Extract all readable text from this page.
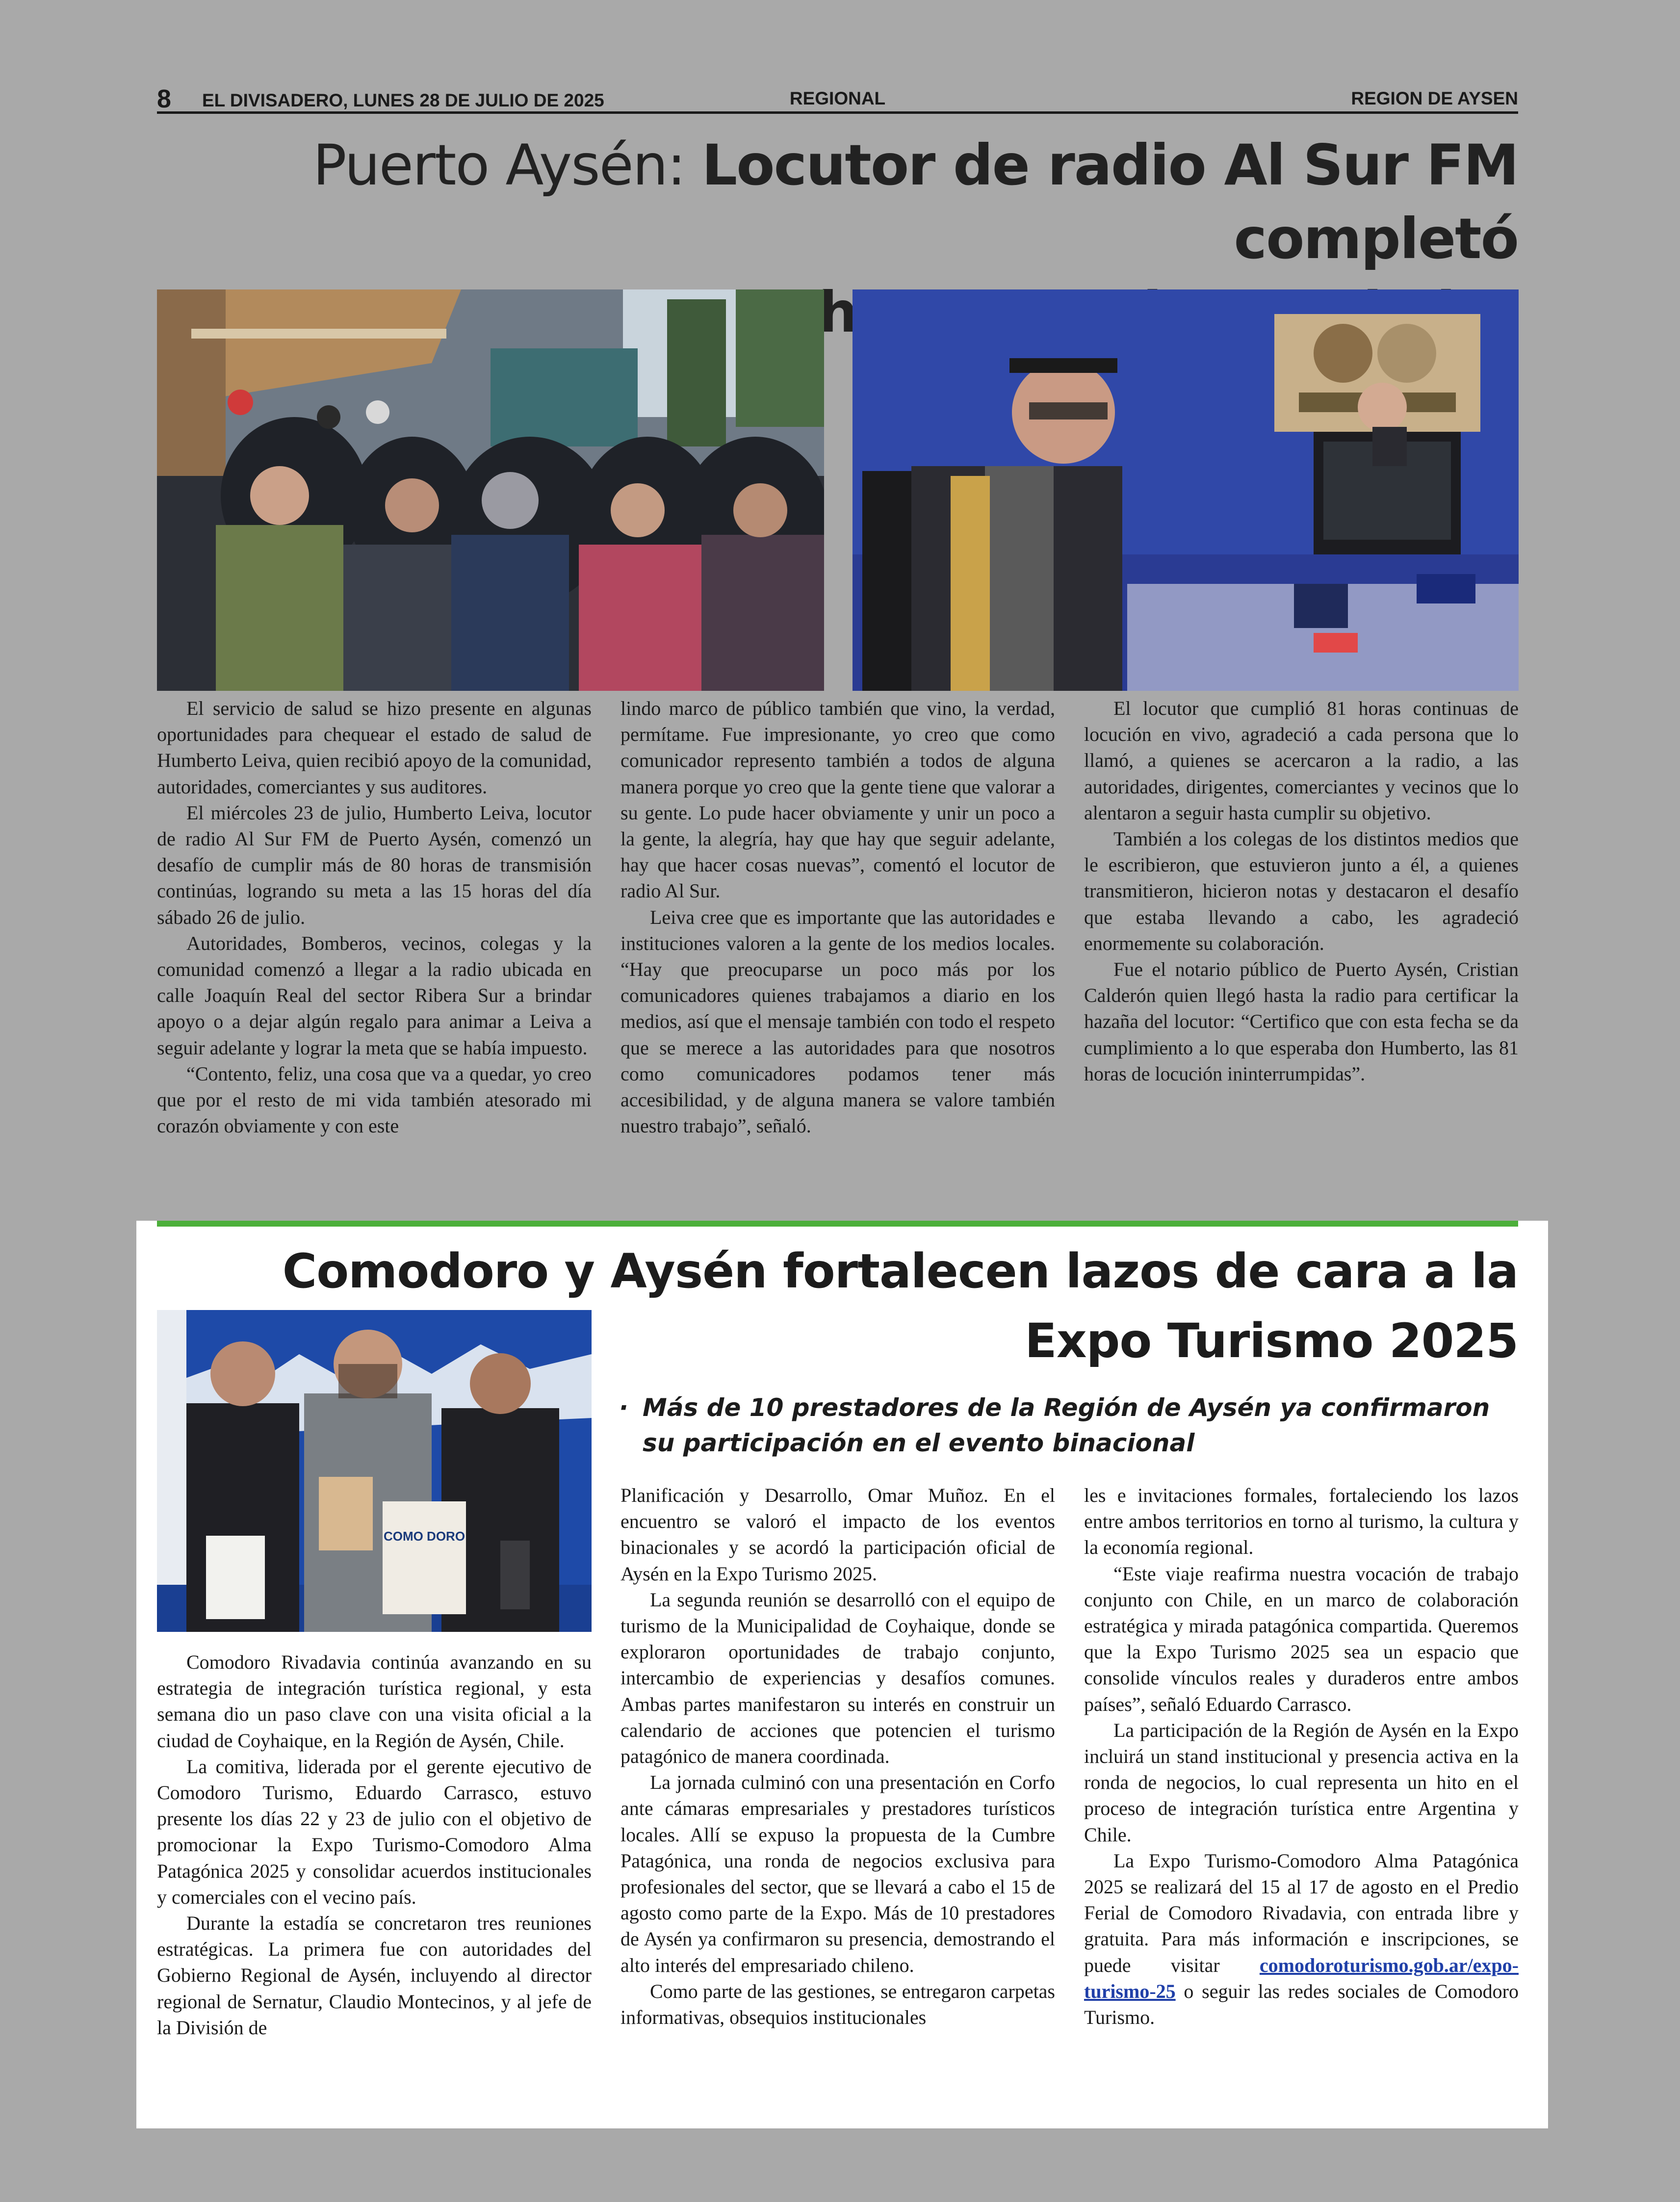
8 EL DIVISADERO, LUNES 28 DE JULIO DE 2025	REGIONAL	REGION DE AYSEN
Puerto Aysén: Locutor de radio Al Sur FM completó

El servicio de salud se hizo presente en algunas oportunidades para chequear el estado de salud de Humberto Leiva, quien recibió apoyo de la comunidad, autoridades, comerciantes y sus auditores.

El miércoles 23 de julio, Humberto Leiva, locutor de radio Al Sur FM de Puerto Aysén, comenzó un desafío de cumplir más de 80 horas de transmisión continúas, logrando su meta a las 15 horas del día sábado 26 de julio.

Autoridades, Bomberos, vecinos, colegas y la comunidad comenzó a llegar a la radio ubicada en calle Joaquín Real del sector Ribera Sur a brindar apoyo o a dejar algún regalo para animar a Leiva a seguir adelante y lograr la meta que se había impuesto.

“Contento, feliz, una cosa que va a quedar, yo creo que por el resto de mi vida también atesorado mi corazón obviamente y con este

lindo marco de público también que vino, la verdad, permítame. Fue impresionante, yo creo que como comunicador represento también a todos de alguna manera porque yo creo que la gente tiene que valorar a su gente. Lo pude hacer obviamente y unir un poco a la gente, la alegría, hay que hay que seguir adelante, hay que hacer cosas nuevas”, comentó el locutor de radio Al Sur.

Leiva cree que es importante que las autoridades e instituciones valoren a la gente de los medios locales. “Hay que preocuparse un poco más por los comunicadores quienes trabajamos a diario en los medios, así que el mensaje también con todo el respeto que se merece a las autoridades para que nosotros como comunicadores podamos tener más accesibilidad, y de alguna manera se valore también nuestro trabajo”, señaló.

El locutor que cumplió 81 horas continuas de locución en vivo, agradeció a cada persona que lo llamó, a quienes se acercaron a la radio, a las autoridades, dirigentes, comerciantes y vecinos que lo alentaron a seguir hasta cumplir su objetivo.

También a los colegas de los distintos medios que le escribieron, que estuvieron junto a él, a quienes transmitieron, hicieron notas y destacaron el desafío que estaba llevando a cabo, les agradeció enormemente su colaboración.

Fue el notario público de Puerto Aysén, Cristian Calderón quien llegó hasta la radio para certificar la hazaña del locutor: “Certifico que con esta fecha se da cumplimiento a lo que esperaba don Humberto, las 81 horas de locución ininterrumpidas”.

Comodoro y Aysén fortalecen lazos de cara a la
Expo Turismo 2025
COMO DORO
· Más de 10 prestadores de la Región de Aysén ya confirmaron su participación en el evento binacional

Comodoro Rivadavia continúa avanzando en su estrategia de integración turística regional, y esta semana dio un paso clave con una visita oficial a la ciudad de Coyhaique, en la Región de Aysén, Chile.

La comitiva, liderada por el gerente ejecutivo de Comodoro Turismo, Eduardo Carrasco, estuvo presente los días 22 y 23 de julio con el objetivo de promocionar la Expo Turismo-Comodoro Alma Patagónica 2025 y consolidar acuerdos institucionales y comerciales con el vecino país.

Durante la estadía se concretaron tres reuniones estratégicas. La primera fue con autoridades del Gobierno Regional de Aysén, incluyendo al director regional de Sernatur, Claudio Montecinos, y al jefe de la División de

Planificación y Desarrollo, Omar Muñoz. En el encuentro se valoró el impacto de los eventos binacionales y se acordó la participación oficial de Aysén en la Expo Turismo 2025.

La segunda reunión se desarrolló con el equipo de turismo de la Municipalidad de Coyhaique, donde se exploraron oportunidades de trabajo conjunto, intercambio de experiencias y desafíos comunes. Ambas partes manifestaron su interés en construir un calendario de acciones que potencien el turismo patagónico de manera coordinada.

La jornada culminó con una presentación en Corfo ante cámaras empresariales y prestadores turísticos locales. Allí se expuso la propuesta de la Cumbre Patagónica, una ronda de negocios exclusiva para profesionales del sector, que se llevará a cabo el 15 de agosto como parte de la Expo. Más de 10 prestadores de Aysén ya confirmaron su presencia, demostrando el alto interés del empresariado chileno.

Como parte de las gestiones, se entregaron carpetas informativas, obsequios institucionales

les e invitaciones formales, fortaleciendo los lazos entre ambos territorios en torno al turismo, la cultura y la economía regional.

“Este viaje reafirma nuestra vocación de trabajo conjunto con Chile, en un marco de colaboración estratégica y mirada patagónica compartida. Queremos que la Expo Turismo 2025 sea un espacio que consolide vínculos reales y duraderos entre ambos países”, señaló Eduardo Carrasco.

La participación de la Región de Aysén en la Expo incluirá un stand institucional y presencia activa en la ronda de negocios, lo cual representa un hito en el proceso de integración turística entre Argentina y Chile.

La Expo Turismo-Comodoro Alma Patagónica 2025 se realizará del 15 al 17 de agosto en el Predio Ferial de Comodoro Rivadavia, con entrada libre y gratuita. Para más información e inscripciones, se puede visitar comodoroturismo.gob.ar/expo-turismo-25 o seguir las redes sociales de Comodoro Turismo.
